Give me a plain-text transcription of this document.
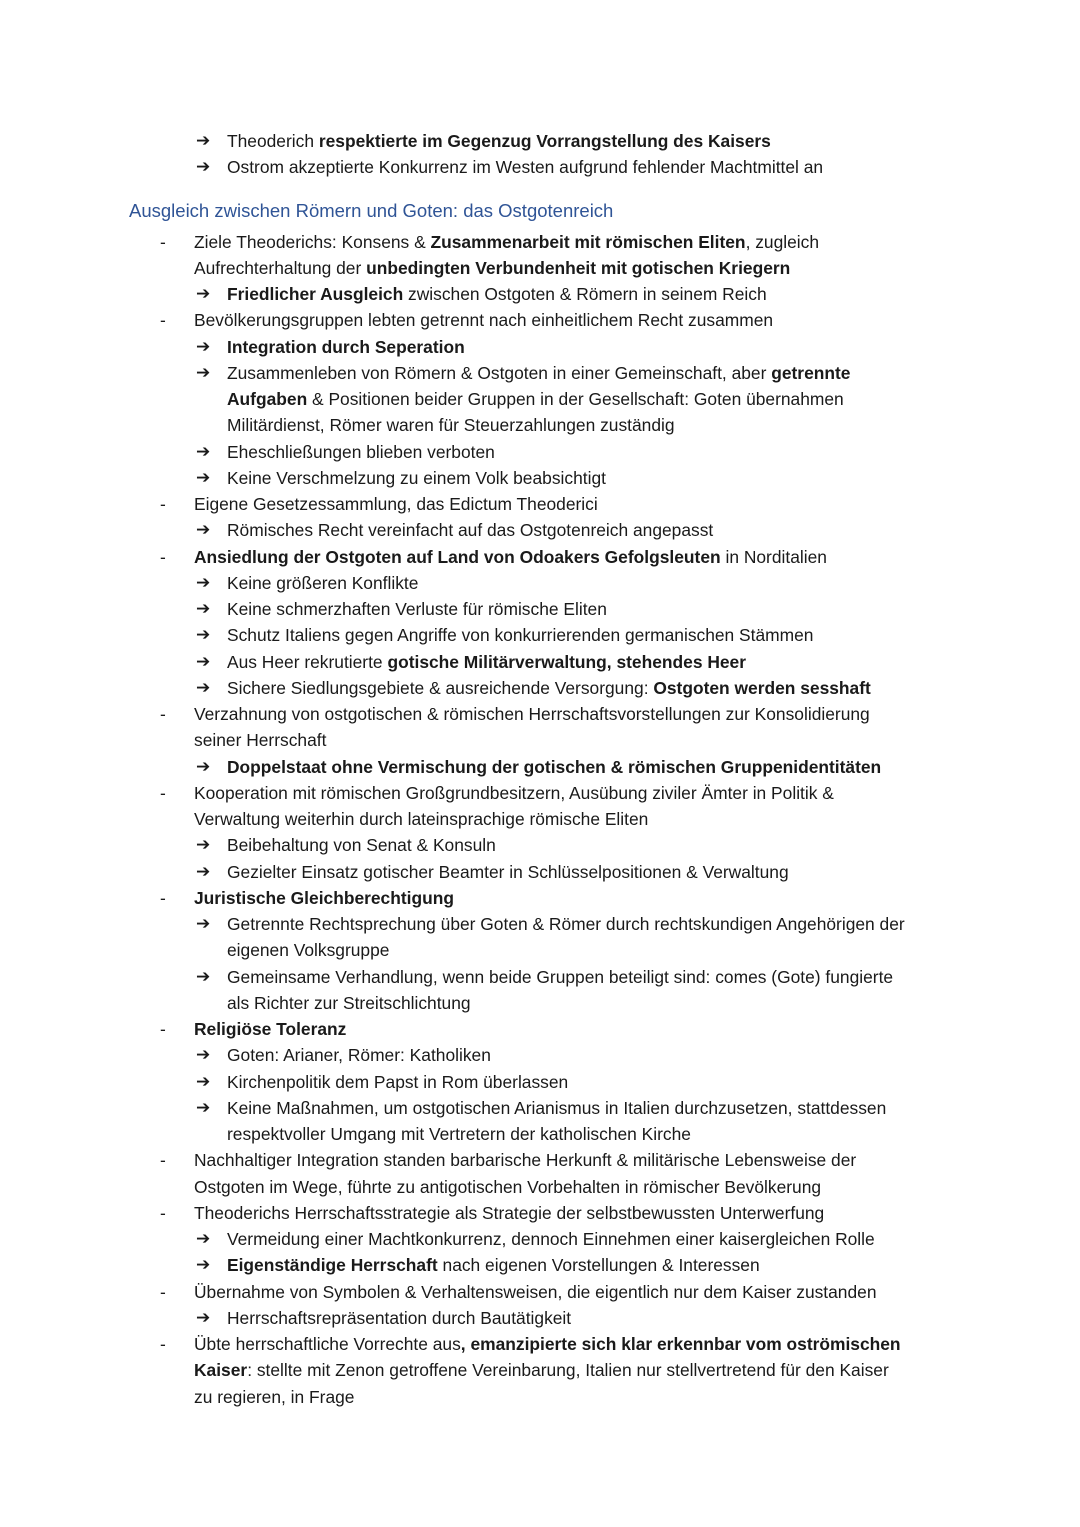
➔ Theoderich respektierte im Gegenzug Vorrangstellung des Kaisers
➔ Ostrom akzeptierte Konkurrenz im Westen aufgrund fehlender Machtmittel an
Ausgleich zwischen Römern und Goten: das Ostgotenreich
- Ziele Theoderichs: Konsens & Zusammenarbeit mit römischen Eliten, zugleich
Aufrechterhaltung der unbedingten Verbundenheit mit gotischen Kriegern
➔ Friedlicher Ausgleich zwischen Ostgoten & Römern in seinem Reich
- Bevölkerungsgruppen lebten getrennt nach einheitlichem Recht zusammen
➔ Integration durch Seperation
➔ Zusammenleben von Römern & Ostgoten in einer Gemeinschaft, aber getrennte
Aufgaben & Positionen beider Gruppen in der Gesellschaft: Goten übernahmen
Militärdienst, Römer waren für Steuerzahlungen zuständig
➔ Eheschließungen blieben verboten
➔ Keine Verschmelzung zu einem Volk beabsichtigt
- Eigene Gesetzessammlung, das Edictum Theoderici
➔ Römisches Recht vereinfacht auf das Ostgotenreich angepasst
- Ansiedlung der Ostgoten auf Land von Odoakers Gefolgsleuten in Norditalien
➔ Keine größeren Konflikte
➔ Keine schmerzhaften Verluste für römische Eliten
➔ Schutz Italiens gegen Angriffe von konkurrierenden germanischen Stämmen
➔ Aus Heer rekrutierte gotische Militärverwaltung, stehendes Heer
➔ Sichere Siedlungsgebiete & ausreichende Versorgung: Ostgoten werden sesshaft
- Verzahnung von ostgotischen & römischen Herrschaftsvorstellungen zur Konsolidierung
seiner Herrschaft
➔ Doppelstaat ohne Vermischung der gotischen & römischen Gruppenidentitäten
- Kooperation mit römischen Großgrundbesitzern, Ausübung ziviler Ämter in Politik &
Verwaltung weiterhin durch lateinsprachige römische Eliten
➔ Beibehaltung von Senat & Konsuln
➔ Gezielter Einsatz gotischer Beamter in Schlüsselpositionen & Verwaltung
- Juristische Gleichberechtigung
➔ Getrennte Rechtsprechung über Goten & Römer durch rechtskundigen Angehörigen der
eigenen Volksgruppe
➔ Gemeinsame Verhandlung, wenn beide Gruppen beteiligt sind: comes (Gote) fungierte
als Richter zur Streitschlichtung
- Religiöse Toleranz
➔ Goten: Arianer, Römer: Katholiken
➔ Kirchenpolitik dem Papst in Rom überlassen
➔ Keine Maßnahmen, um ostgotischen Arianismus in Italien durchzusetzen, stattdessen
respektvoller Umgang mit Vertretern der katholischen Kirche
- Nachhaltiger Integration standen barbarische Herkunft & militärische Lebensweise der
Ostgoten im Wege, führte zu antigotischen Vorbehalten in römischer Bevölkerung
- Theoderichs Herrschaftsstrategie als Strategie der selbstbewussten Unterwerfung
➔ Vermeidung einer Machtkonkurrenz, dennoch Einnehmen einer kaisergleichen Rolle
➔ Eigenständige Herrschaft nach eigenen Vorstellungen & Interessen
- Übernahme von Symbolen & Verhaltensweisen, die eigentlich nur dem Kaiser zustanden
➔ Herrschaftsrepräsentation durch Bautätigkeit
- Übte herrschaftliche Vorrechte aus, emanzipierte sich klar erkennbar vom oströmischen
Kaiser: stellte mit Zenon getroffene Vereinbarung, Italien nur stellvertretend für den Kaiser
zu regieren, in Frage
